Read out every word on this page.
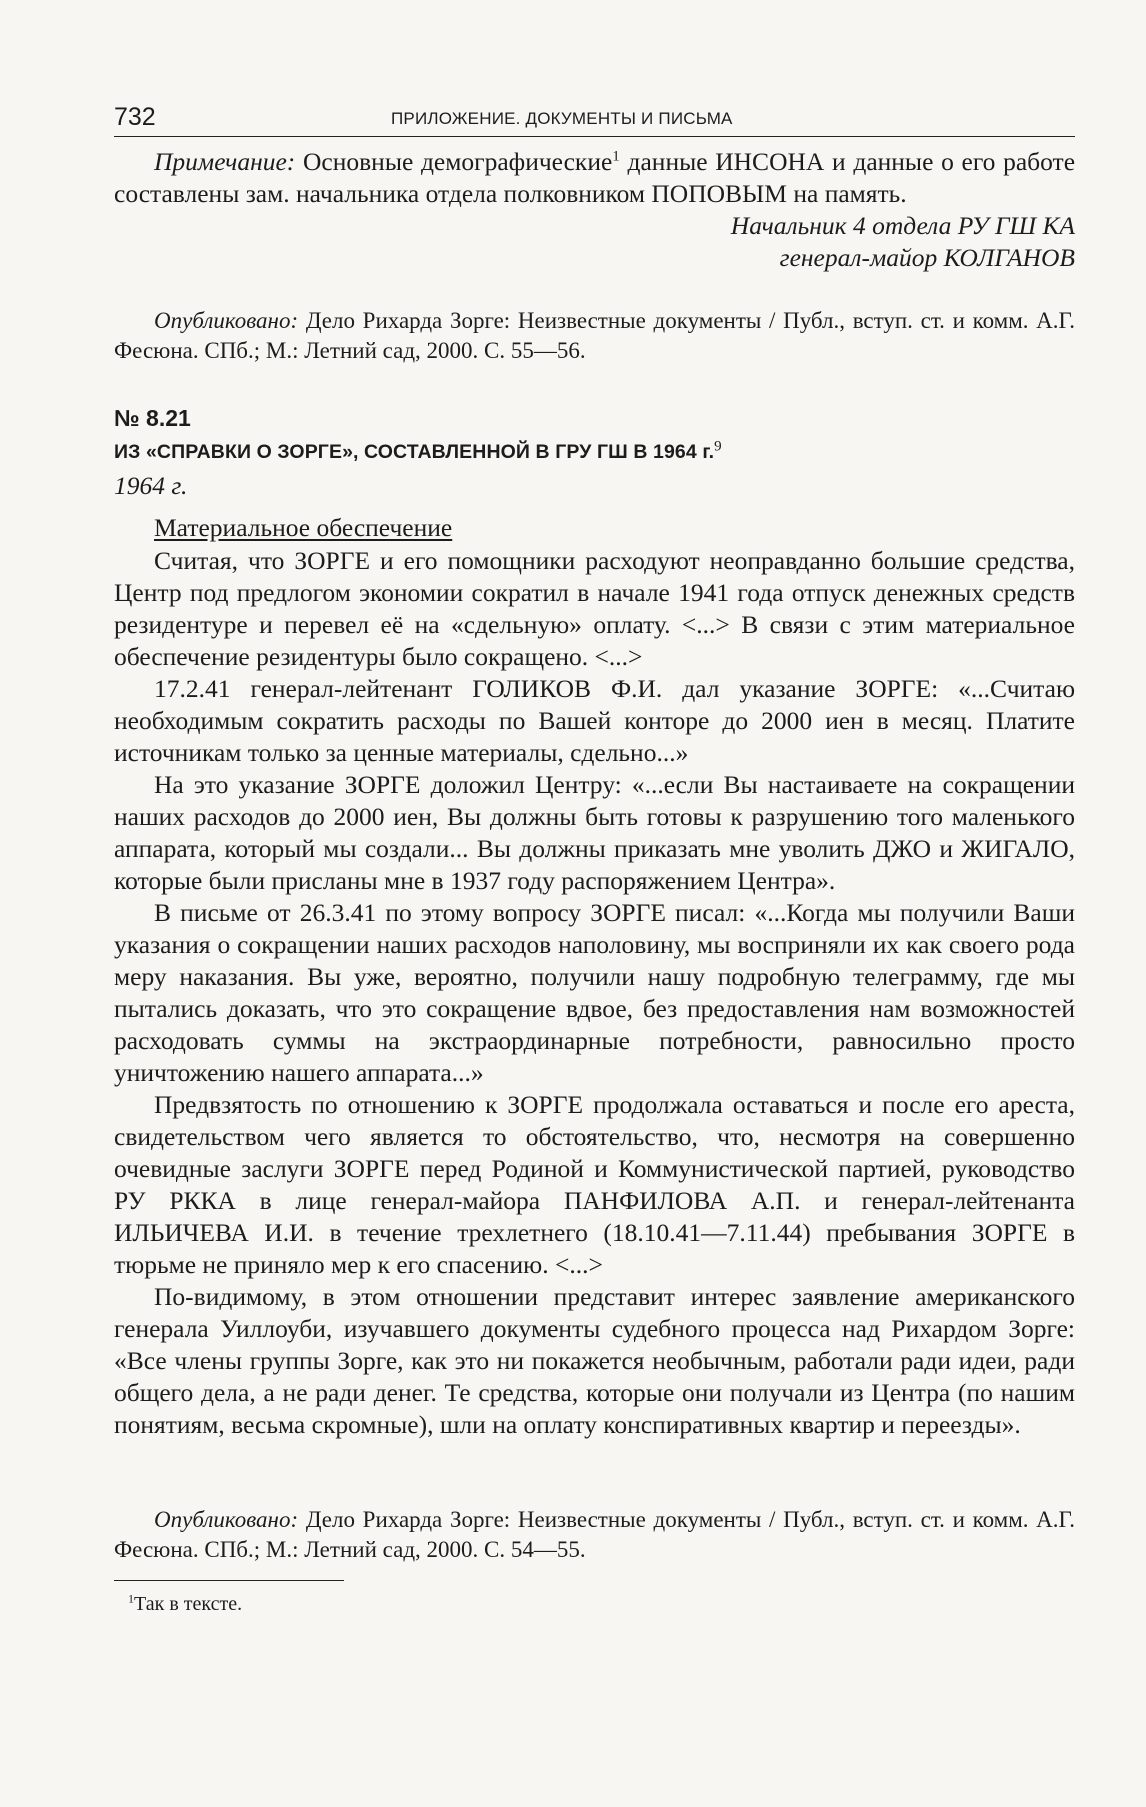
732	ПРИЛОЖЕНИЕ. ДОКУМЕНТЫ И ПИСЬМА

Примечание: Основные демографические$^1$ данные ИНСОНА и данные о его работе составлены зам. начальника отдела полковником ПОПОВЫМ на память.

Начальник 4 отдела РУ ГШ КА

генерал-майор КОЛГАНОВ

Опубликовано: Дело Рихарда Зорге: Неизвестные документы / Публ., вступ. ст. и комм. А.Г. Фесюна. СПб.; М.: Летний сад, 2000. С. 55—56.

№ 8.21
ИЗ «СПРАВКИ О ЗОРГЕ», СОСТАВЛЕННОЙ В ГРУ ГШ В 1964 г.$^9$
1964 г.
Материальное обеспечение

Считая, что ЗОРГЕ и его помощники расходуют неоправданно большие средства, Центр под предлогом экономии сократил в начале 1941 года отпуск денежных средств резидентуре и перевел её на «сдельную» оплату. <...> В связи с этим материальное обеспечение резидентуры было сокращено. <...>

17.2.41 генерал-лейтенант ГОЛИКОВ Ф.И. дал указание ЗОРГЕ: «...Считаю необходимым сократить расходы по Вашей конторе до 2000 иен в месяц. Платите источникам только за ценные материалы, сдельно...»

На это указание ЗОРГЕ доложил Центру: «...если Вы настаиваете на сокращении наших расходов до 2000 иен, Вы должны быть готовы к разрушению того маленького аппарата, который мы создали... Вы должны приказать мне уволить ДЖО и ЖИГАЛО, которые были присланы мне в 1937 году распоряжением Центра».

В письме от 26.3.41 по этому вопросу ЗОРГЕ писал: «...Когда мы получили Ваши указания о сокращении наших расходов наполовину, мы восприняли их как своего рода меру наказания. Вы уже, вероятно, получили нашу подробную телеграмму, где мы пытались доказать, что это сокращение вдвое, без предоставления нам возможностей расходовать суммы на экстраординарные потребности, равносильно просто уничтожению нашего аппарата...»

Предвзятость по отношению к ЗОРГЕ продолжала оставаться и после его ареста, свидетельством чего является то обстоятельство, что, несмотря на совершенно очевидные заслуги ЗОРГЕ перед Родиной и Коммунистической партией, руководство РУ РККА в лице генерал-майора ПАНФИЛОВА А.П. и генерал-лейтенанта ИЛЬИЧЕВА И.И. в течение трехлетнего (18.10.41—7.11.44) пребывания ЗОРГЕ в тюрьме не приняло мер к его спасению. <...>

По-видимому, в этом отношении представит интерес заявление американского генерала Уиллоуби, изучавшего документы судебного процесса над Рихардом Зорге: «Все члены группы Зорге, как это ни покажется необычным, работали ради идеи, ради общего дела, а не ради денег. Те средства, которые они получали из Центра (по нашим понятиям, весьма скромные), шли на оплату конспиративных квартир и переезды».

Опубликовано: Дело Рихарда Зорге: Неизвестные документы / Публ., вступ. ст. и комм. А.Г. Фесюна. СПб.; М.: Летний сад, 2000. С. 54—55.

$^1$Так в тексте.
